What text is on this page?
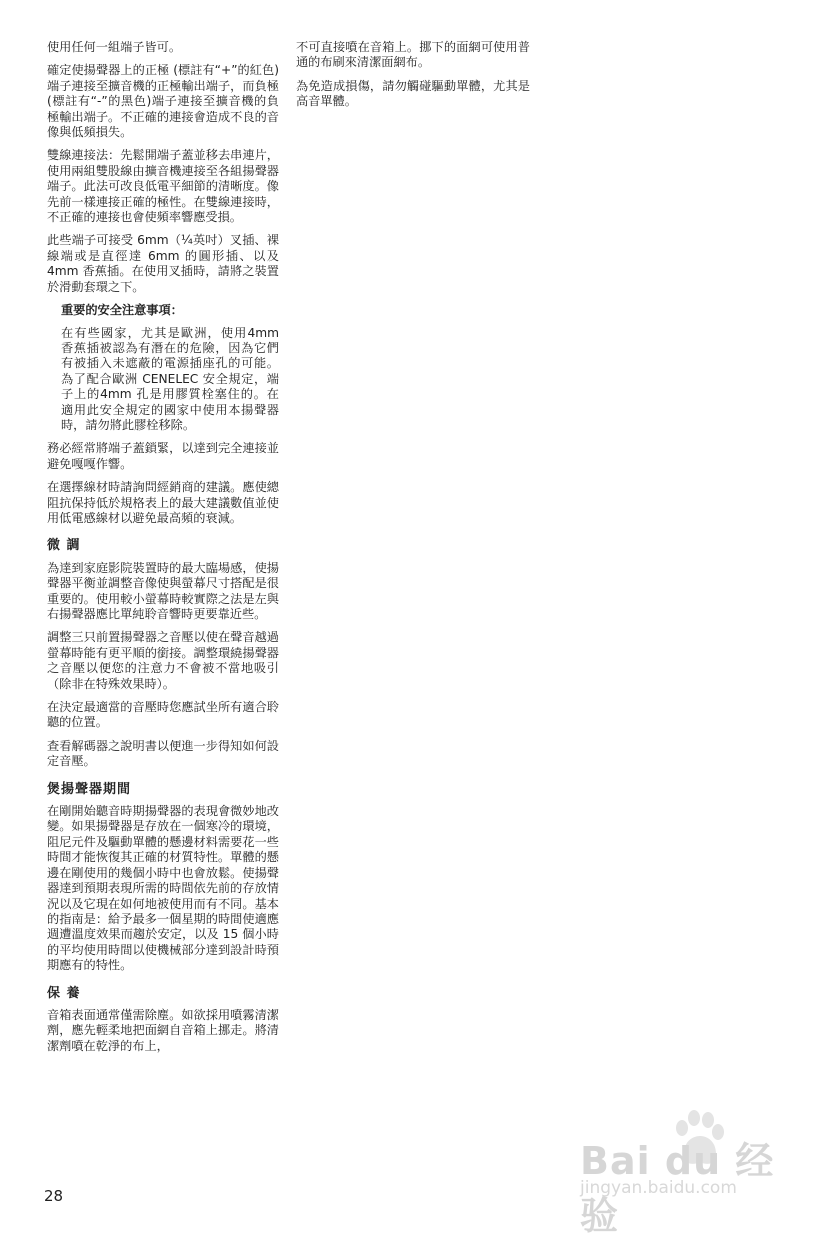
使用任何一組端子皆可。

確定使揚聲器上的正極 (標註有“+”的紅色)端子連接至擴音機的正極輸出端子，而負極(標註有“-”的黑色)端子連接至擴音機的負極輸出端子。不正確的連接會造成不良的音像與低頻損失。

雙線連接法：先鬆開端子蓋並移去串連片，使用兩組雙股線由擴音機連接至各組揚聲器端子。此法可改良低電平細節的清晰度。像先前一樣連接正確的極性。在雙線連接時，不正確的連接也會使頻率響應受損。

此些端子可接受 6mm（¼英吋）叉插、裸線端或是直徑達 6mm 的圓形插、以及 4mm 香蕉插。在使用叉插時，請將之裝置於滑動套環之下。

重要的安全注意事項：

在有些國家，尤其是歐洲，使用4mm 香蕉插被認為有潛在的危險，因為它們有被插入未遮蔽的電源插座孔的可能。為了配合歐洲 CENELEC 安全規定，端子上的4mm 孔是用膠質栓塞住的。在適用此安全規定的國家中使用本揚聲器時，請勿將此膠栓移除。

務必經常將端子蓋鎖緊，以達到完全連接並避免嘎嘎作響。

在選擇線材時請詢問經銷商的建議。應使總阻抗保持低於規格表上的最大建議數值並使用低電感線材以避免最高頻的衰減。

微 調

為達到家庭影院裝置時的最大臨場感，使揚聲器平衡並調整音像使與螢幕尺寸搭配是很重要的。使用較小螢幕時較實際之法是左與右揚聲器應比單純聆音響時更要靠近些。

調整三只前置揚聲器之音壓以使在聲音越過螢幕時能有更平順的銜接。調整環繞揚聲器之音壓以便您的注意力不會被不當地吸引（除非在特殊效果時）。

在決定最適當的音壓時您應試坐所有適合聆聽的位置。

查看解碼器之說明書以便進一步得知如何設定音壓。

煲揚聲器期間

在剛開始聽音時期揚聲器的表現會微妙地改變。如果揚聲器是存放在一個寒冷的環境，阻尼元件及驅動單體的懸邊材料需要花一些時間才能恢復其正確的材質特性。單體的懸邊在剛使用的幾個小時中也會放鬆。使揚聲器達到預期表現所需的時間依先前的存放情況以及它現在如何地被使用而有不同。基本的指南是：給予最多一個星期的時間使適應週遭溫度效果而趨於安定，以及 15 個小時的平均使用時間以使機械部分達到設計時預期應有的特性。

保 養

音箱表面通常僅需除塵。如欲採用噴霧清潔劑，應先輕柔地把面網自音箱上挪走。將清潔劑噴在乾淨的布上，

不可直接噴在音箱上。挪下的面網可使用普通的布刷來清潔面網布。

為免造成損傷，請勿觸碰驅動單體，尤其是高音單體。

28
Bai du 经验
jingyan.baidu.com
